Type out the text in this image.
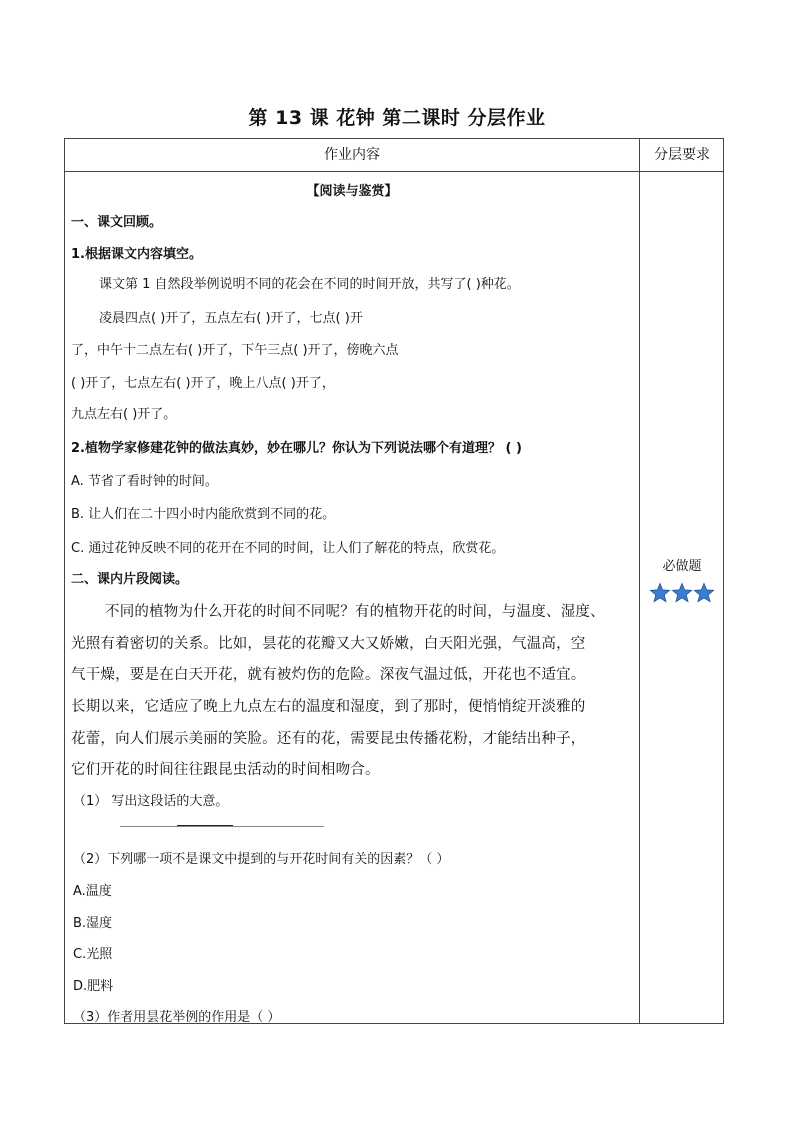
第 13 课 花钟 第二课时 分层作业
作业内容	分层要求
【阅读与鉴赏】
一、课文回顾。
1.根据课文内容填空。
课文第 1 自然段举例说明不同的花会在不同的时间开放，共写了( )种花。
凌晨四点( )开了，五点左右( )开了，七点( )开
了，中午十二点左右( )开了，下午三点( )开了，傍晚六点
( )开了，七点左右( )开了，晚上八点( )开了，
九点左右( )开了。
2.植物学家修建花钟的做法真妙，妙在哪儿？你认为下列说法哪个有道理？ ( )
A. 节省了看时钟的时间。
B. 让人们在二十四小时内能欣赏到不同的花。
C. 通过花钟反映不同的花开在不同的时间，让人们了解花的特点，欣赏花。
二、课内片段阅读。
不同的植物为什么开花的时间不同呢？有的植物开花的时间，与温度、湿度、
光照有着密切的关系。比如，昙花的花瓣又大又娇嫩，白天阳光强，气温高，空
气干燥，要是在白天开花，就有被灼伤的危险。深夜气温过低，开花也不适宜。
长期以来，它适应了晚上九点左右的温度和湿度，到了那时，便悄悄绽开淡雅的
花蕾，向人们展示美丽的笑脸。还有的花，需要昆虫传播花粉，才能结出种子，
它们开花的时间往往跟昆虫活动的时间相吻合。
（1） 写出这段话的大意。
（2）下列哪一项不是课文中提到的与开花时间有关的因素？（ ）
A.温度
B.湿度
C.光照
D.肥料
（3）作者用昙花举例的作用是（ ）
必做题
